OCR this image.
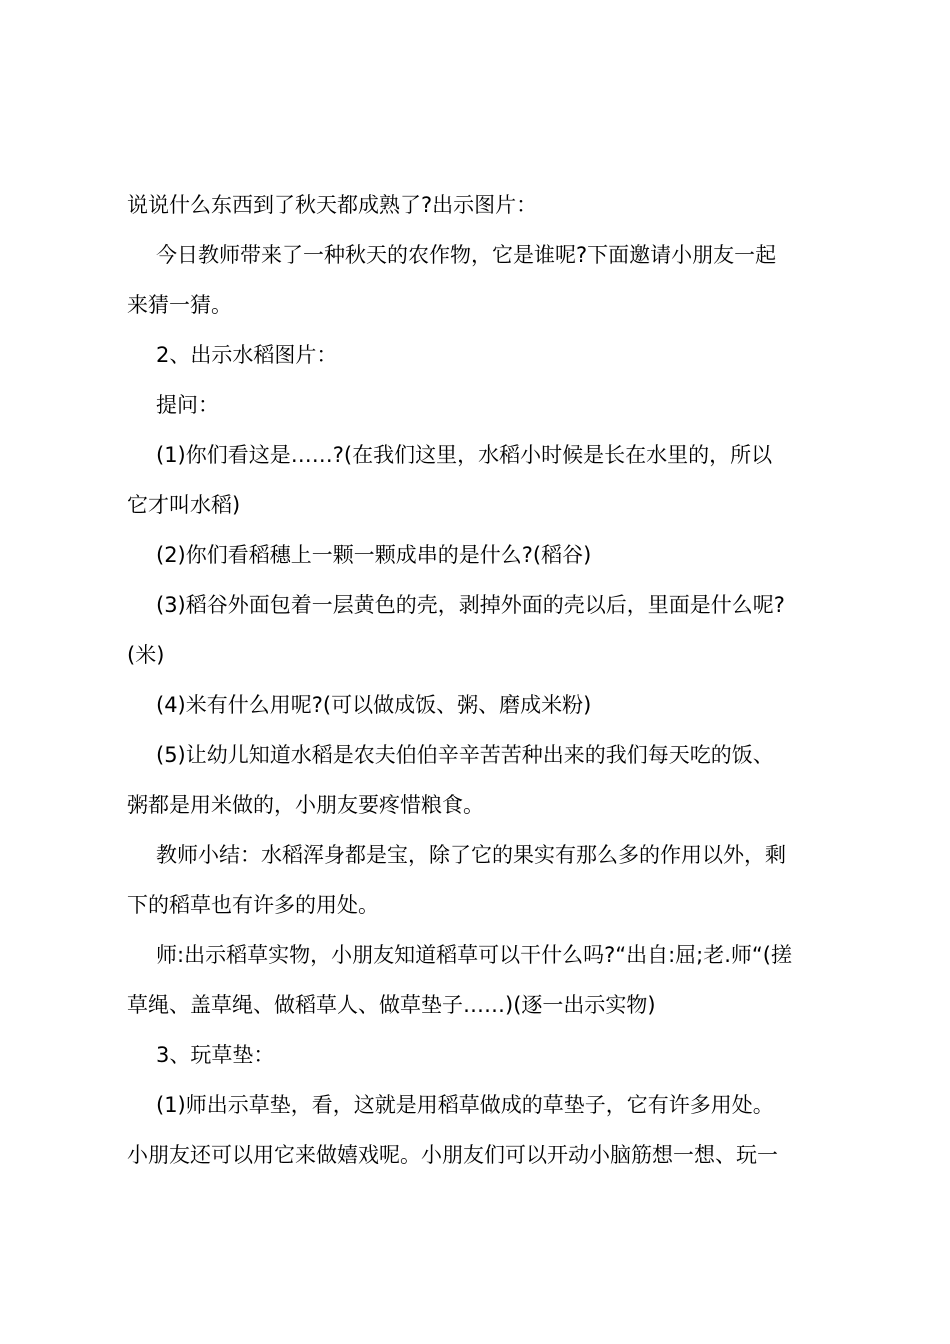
说说什么东西到了秋天都成熟了?出示图片：
今日教师带来了一种秋天的农作物，它是谁呢?下面邀请小朋友一起
来猜一猜。
2、出示水稻图片：
提问：
(1)你们看这是……?(在我们这里，水稻小时候是长在水里的，所以
它才叫水稻)
(2)你们看稻穗上一颗一颗成串的是什么?(稻谷)
(3)稻谷外面包着一层黄色的壳，剥掉外面的壳以后，里面是什么呢?
(米)
(4)米有什么用呢?(可以做成饭、粥、磨成米粉)
(5)让幼儿知道水稻是农夫伯伯辛辛苦苦种出来的我们每天吃的饭、
粥都是用米做的，小朋友要疼惜粮食。
教师小结：水稻浑身都是宝，除了它的果实有那么多的作用以外，剩
下的稻草也有许多的用处。
师:出示稻草实物，小朋友知道稻草可以干什么吗?“出自:屈;老.师“(搓
草绳、盖草绳、做稻草人、做草垫子……)(逐一出示实物)
3、玩草垫：
(1)师出示草垫，看，这就是用稻草做成的草垫子，它有许多用处。
小朋友还可以用它来做嬉戏呢。小朋友们可以开动小脑筋想一想、玩一
